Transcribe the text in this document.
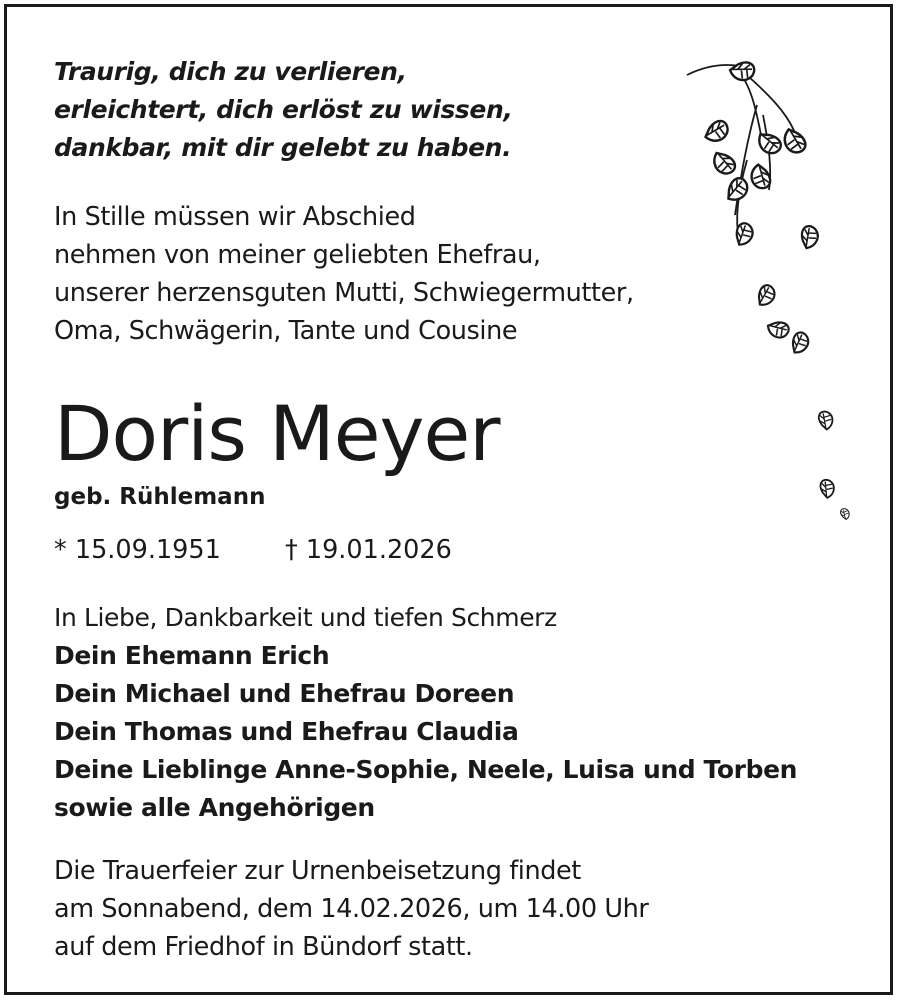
Traurig, dich zu verlieren,
erleichtert, dich erlöst zu wissen,
dankbar, mit dir gelebt zu haben.
In Stille müssen wir Abschied
nehmen von meiner geliebten Ehefrau,
unserer herzensguten Mutti, Schwiegermutter,
Oma, Schwägerin, Tante und Cousine
Doris Meyer
geb. Rühlemann
* 15.09.1951	† 19.01.2026
In Liebe, Dankbarkeit und tiefen Schmerz
Dein Ehemann Erich
Dein Michael und Ehefrau Doreen
Dein Thomas und Ehefrau Claudia
Deine Lieblinge Anne-Sophie, Neele, Luisa und Torben
sowie alle Angehörigen
Die Trauerfeier zur Urnenbeisetzung findet
am Sonnabend, dem 14.02.2026, um 14.00 Uhr
auf dem Friedhof in Bündorf statt.
